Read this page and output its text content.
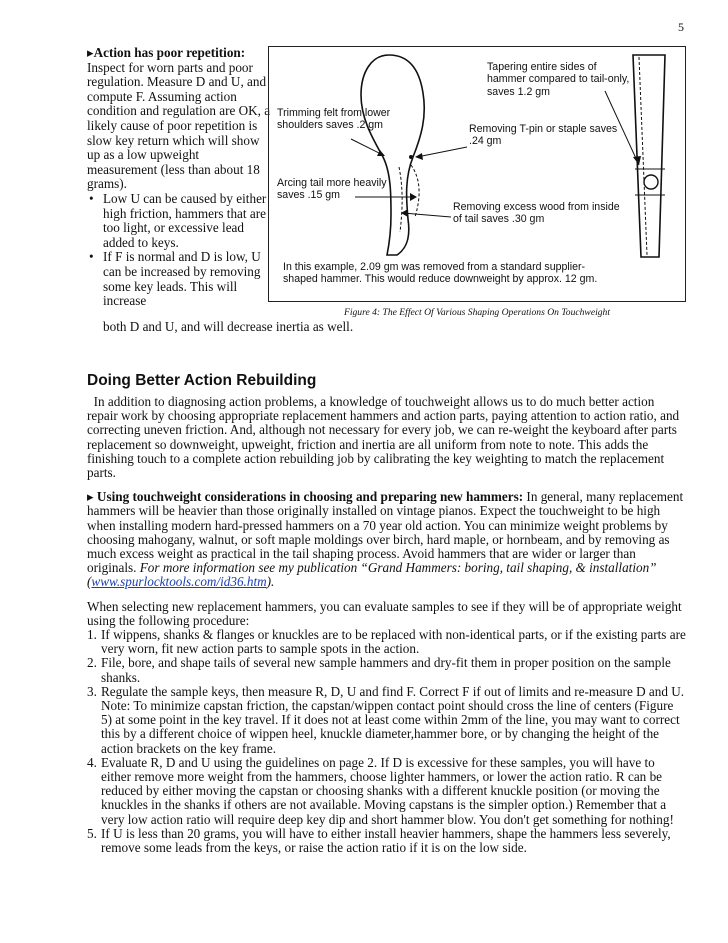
5

▸Action has poor repetition: Inspect for worn parts and poor regulation. Measure D and U, and compute F. Assuming action condition and regulation are OK, a likely cause of poor repetition is slow key return which will show up as a low upweight measurement (less than about 18 grams).

• Low U can be caused by either high friction, hammers that are too light, or excessive lead added to keys.
• If F is normal and D is low, U can be increased by removing some key leads. This will increase
both D and U, and will decrease inertia as well.
Tapering entire sides of hammer compared to tail-only, saves 1.2 gm
Trimming felt from lower shoulders saves .2 gm	Removing T-pin or staple saves .24 gm
Arcing tail more heavily saves .15 gm
Removing excess wood from inside of tail saves .30 gm
In this example, 2.09 gm was removed from a standard supplier-shaped hammer. This would reduce downweight by approx. 12 gm.
Figure 4: The Effect Of Various Shaping Operations On Touchweight
Doing Better Action Rebuilding

In addition to diagnosing action problems, a knowledge of touchweight allows us to do much better action repair work by choosing appropriate replacement hammers and action parts, paying attention to action ratio, and correcting uneven friction. And, although not necessary for every job, we can re-weight the keyboard after parts replacement so downweight, upweight, friction and inertia are all uniform from note to note. This adds the finishing touch to a complete action rebuilding job by calibrating the key weighting to match the replacement parts.

▸ Using touchweight considerations in choosing and preparing new hammers: In general, many replacement hammers will be heavier than those originally installed on vintage pianos. Expect the touchweight to be high when installing modern hard-pressed hammers on a 70 year old action. You can minimize weight problems by choosing mahogany, walnut, or soft maple moldings over birch, hard maple, or hornbeam, and by removing as much excess weight as practical in the tail shaping process. Avoid hammers that are wider or larger than originals. For more information see my publication “Grand Hammers: boring, tail shaping, & installation” (www.spurlocktools.com/id36.htm).

When selecting new replacement hammers, you can evaluate samples to see if they will be of appropriate weight using the following procedure:

1. If wippens, shanks & flanges or knuckles are to be replaced with non-identical parts, or if the existing parts are very worn, fit new action parts to sample spots in the action.
2. File, bore, and shape tails of several new sample hammers and dry-fit them in proper position on the sample shanks.
3. Regulate the sample keys, then measure R, D, U and find F. Correct F if out of limits and re-measure D and U. Note: To minimize capstan friction, the capstan/wippen contact point should cross the line of centers (Figure 5) at some point in the key travel. If it does not at least come within 2mm of the line, you may want to correct this by a different choice of wippen heel, knuckle diameter,hammer bore, or by changing the height of the action brackets on the key frame.
4. Evaluate R, D and U using the guidelines on page 2. If D is excessive for these samples, you will have to either remove more weight from the hammers, choose lighter hammers, or lower the action ratio. R can be reduced by either moving the capstan or choosing shanks with a different knuckle position (or moving the knuckles in the shanks if others are not available. Moving capstans is the simpler option.) Remember that a very low action ratio will require deep key dip and short hammer blow. You don't get something for nothing!
5. If U is less than 20 grams, you will have to either install heavier hammers, shape the hammers less severely, remove some leads from the keys, or raise the action ratio if it is on the low side.
